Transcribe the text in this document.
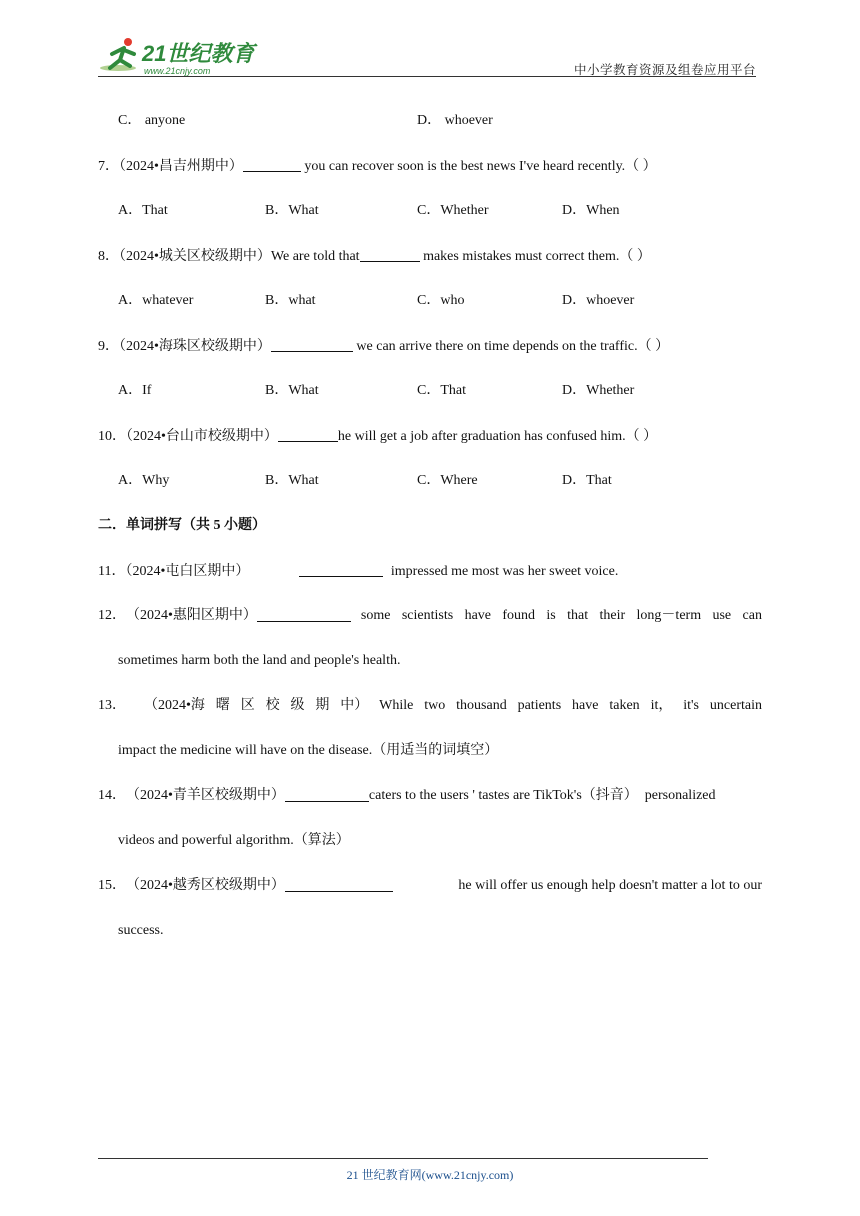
21世纪教育
www.21cnjy.com	中小学教育资源及组卷应用平台
C． anyone	D． whoever
7．（2024•昌吉州期中）	you can recover soon is the best news I've heard recently.（ ）
A．That	B．What	C．Whether	D．When
8．（2024•城关区校级期中）We are told that	makes mistakes must correct them.（ ）
A．whatever	B．what	C．who	D．whoever
9．（2024•海珠区校级期中）	we can arrive there on time depends on the traffic.（ ）
A．If	B．What	C．That	D．Whether
10．（2024•台山市校级期中）	he will get a job after graduation has confused him.（ ）
A．Why	B．What	C．Where	D．That
二．单词拼写（共 5 小题）
11．（2024•屯白区期中）	impressed me most was her sweet voice.
12． （2024•惠阳区期中）	some scientists have found is that their long－term use can
sometimes harm both the land and people's health.
13． （2024•海 曙 区 校 级 期 中） While two thousand patients have taken it， it's uncertain
impact the medicine will have on the disease.（用适当的词填空）
14． （2024•青羊区校级期中）	caters to the users ' tastes are TikTok's（抖音）  personalized
videos and powerful algorithm.（算法）
15． （2024•越秀区校级期中）	he will offer us enough help doesn't matter a lot to our
success.
21 世纪教育网(www.21cnjy.com)
